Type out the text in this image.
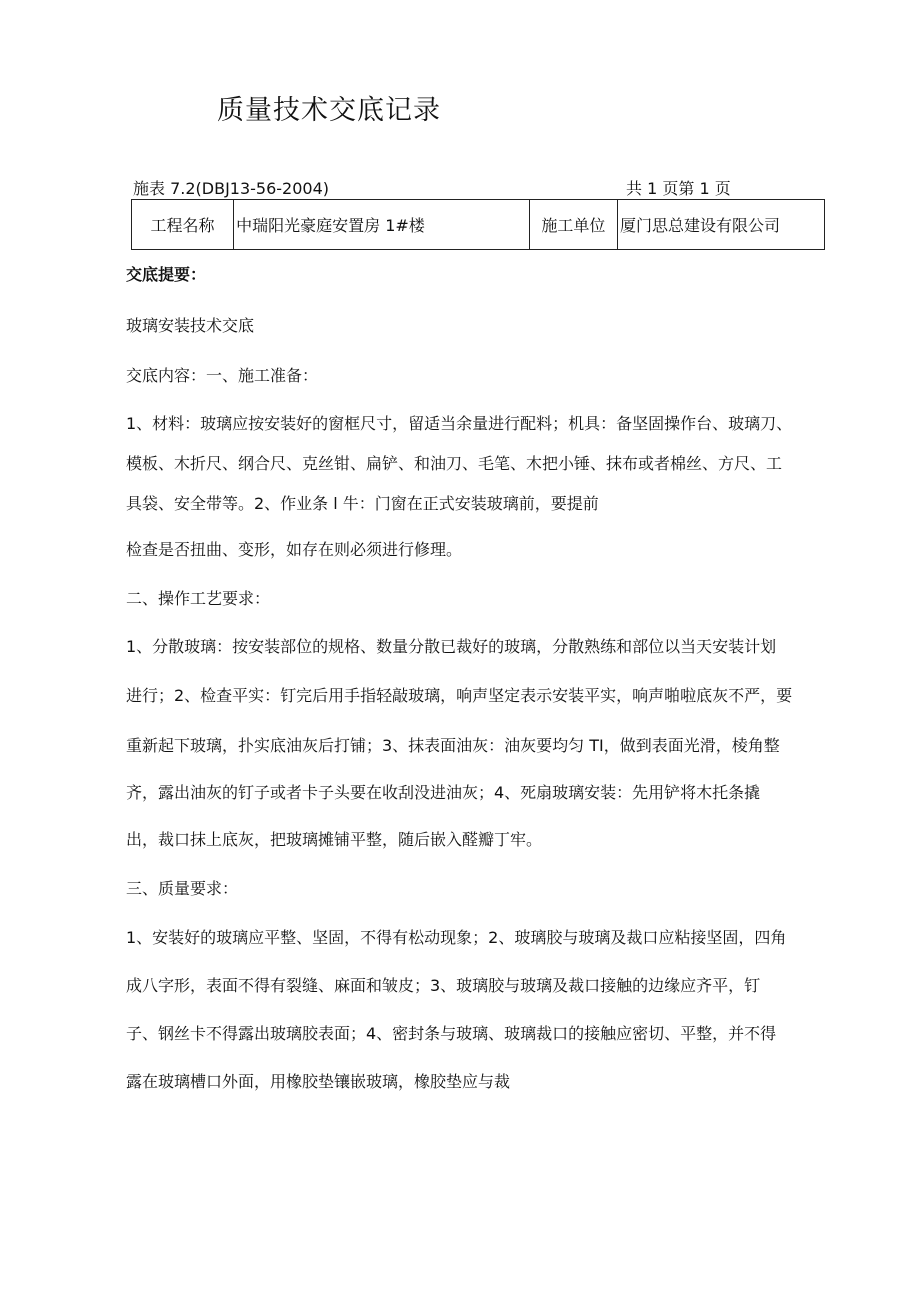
质量技术交底记录
施表 7.2(DBJ13-56-2004)	共 1 页第 1 页
工程名称	中瑞阳光豪庭安置房 1#楼	施工单位	厦门思总建设有限公司
交底提要：
玻璃安装技术交底
交底内容：一、施工准备：
1、材料：玻璃应按安装好的窗框尺寸，留适当余量进行配料；机具：备坚固操作台、玻璃刀、
模板、木折尺、纲合尺、克丝钳、扁铲、和油刀、毛笔、木把小锤、抹布或者棉丝、方尺、工
具袋、安全带等。2、作业条 l 牛：门窗在正式安装玻璃前，要提前
检查是否扭曲、变形，如存在则必须进行修理。
二、操作工艺要求：
1、分散玻璃：按安装部位的规格、数量分散已裁好的玻璃，分散熟练和部位以当天安装计划
进行；2、检查平实：钉完后用手指轻敲玻璃，响声坚定表示安装平实，响声啪啦底灰不严，要
重新起下玻璃，扑实底油灰后打铺；3、抹表面油灰：油灰要均匀 TI，做到表面光滑，棱角整
齐，露出油灰的钉子或者卡子头要在收刮没进油灰；4、死扇玻璃安装：先用铲将木托条撬
出，裁口抹上底灰，把玻璃摊铺平整，随后嵌入醛瓣丁牢。
三、质量要求：
1、安装好的玻璃应平整、坚固，不得有松动现象；2、玻璃胶与玻璃及裁口应粘接坚固，四角
成八字形，表面不得有裂缝、麻面和皱皮；3、玻璃胶与玻璃及裁口接触的边缘应齐平，钉
子、钢丝卡不得露出玻璃胶表面；4、密封条与玻璃、玻璃裁口的接触应密切、平整，并不得
露在玻璃槽口外面，用橡胶垫镶嵌玻璃，橡胶垫应与裁
